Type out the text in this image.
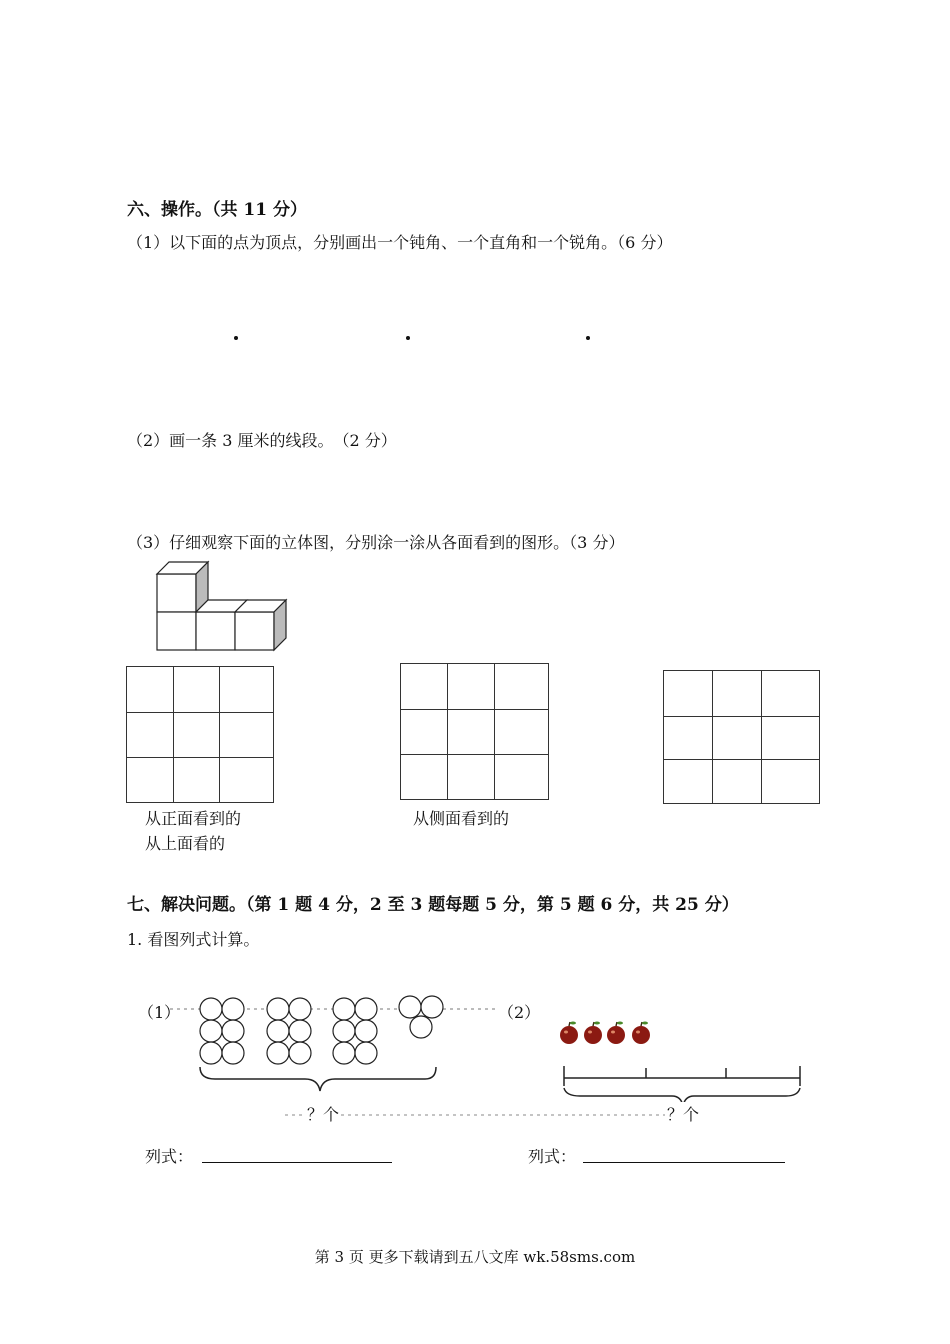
六、操作。（共 11 分）
（1）以下面的点为顶点，分别画出一个钝角、一个直角和一个锐角。（6 分）
（2）画一条 3 厘米的线段。　（2 分）
（3）仔细观察下面的立体图，分别涂一涂从各面看到的图形。（3 分）
从正面看到的
从上面看的
从侧面看到的
七、解决问题。（第 1 题 4 分，2 至 3 题每题 5 分，第 5 题 6 分，共 25 分）
1. 看图列式计算。
（1）	（2）
？个	？个
列式：	列式：
第 3 页 更多下载请到五八文库 wk.58sms.com
